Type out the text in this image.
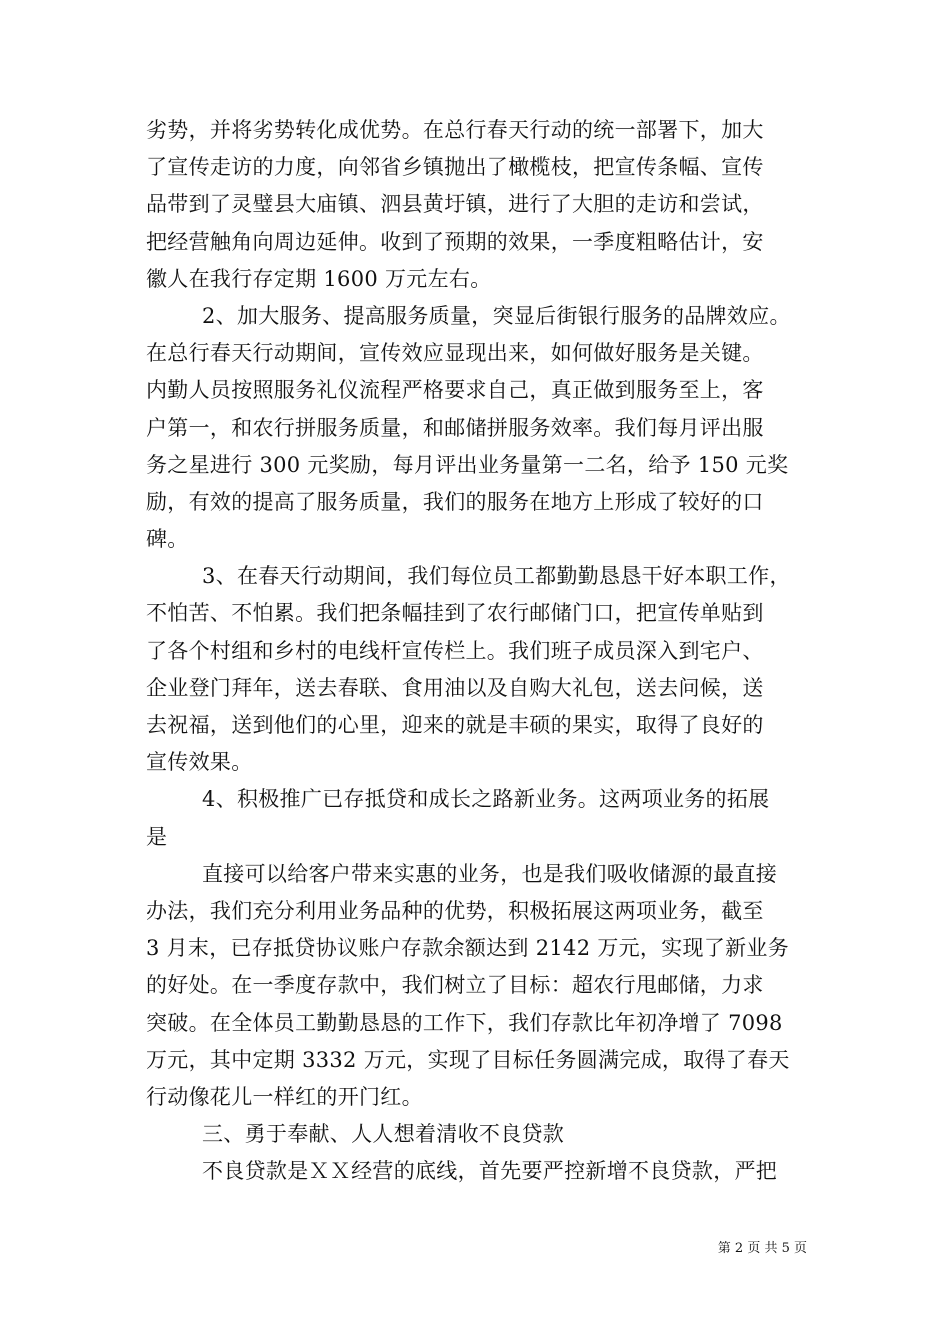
劣势，并将劣势转化成优势。在总行春天行动的统一部署下，加大
了宣传走访的力度，向邻省乡镇抛出了橄榄枝，把宣传条幅、宣传
品带到了灵璧县大庙镇、泗县黄圩镇，进行了大胆的走访和尝试，
把经营触角向周边延伸。收到了预期的效果，一季度粗略估计，安
徽人在我行存定期 1600 万元左右。
2、加大服务、提高服务质量，突显后街银行服务的品牌效应。
在总行春天行动期间，宣传效应显现出来，如何做好服务是关键。
内勤人员按照服务礼仪流程严格要求自己，真正做到服务至上，客
户第一，和农行拼服务质量，和邮储拼服务效率。我们每月评出服
务之星进行 300 元奖励，每月评出业务量第一二名，给予 150 元奖
励，有效的提高了服务质量，我们的服务在地方上形成了较好的口
碑。
3、在春天行动期间，我们每位员工都勤勤恳恳干好本职工作，
不怕苦、不怕累。我们把条幅挂到了农行邮储门口，把宣传单贴到
了各个村组和乡村的电线杆宣传栏上。我们班子成员深入到宅户、
企业登门拜年，送去春联、食用油以及自购大礼包，送去问候，送
去祝福，送到他们的心里，迎来的就是丰硕的果实，取得了良好的
宣传效果。
4、积极推广已存抵贷和成长之路新业务。这两项业务的拓展
是
直接可以给客户带来实惠的业务，也是我们吸收储源的最直接
办法，我们充分利用业务品种的优势，积极拓展这两项业务，截至
3 月末，已存抵贷协议账户存款余额达到 2142 万元，实现了新业务
的好处。在一季度存款中，我们树立了目标：超农行甩邮储，力求
突破。在全体员工勤勤恳恳的工作下，我们存款比年初净增了 7098
万元，其中定期 3332 万元，实现了目标任务圆满完成，取得了春天
行动像花儿一样红的开门红。
三、勇于奉献、人人想着清收不良贷款
不良贷款是ＸＸ经营的底线，首先要严控新增不良贷款，严把
第 2 页 共 5 页
